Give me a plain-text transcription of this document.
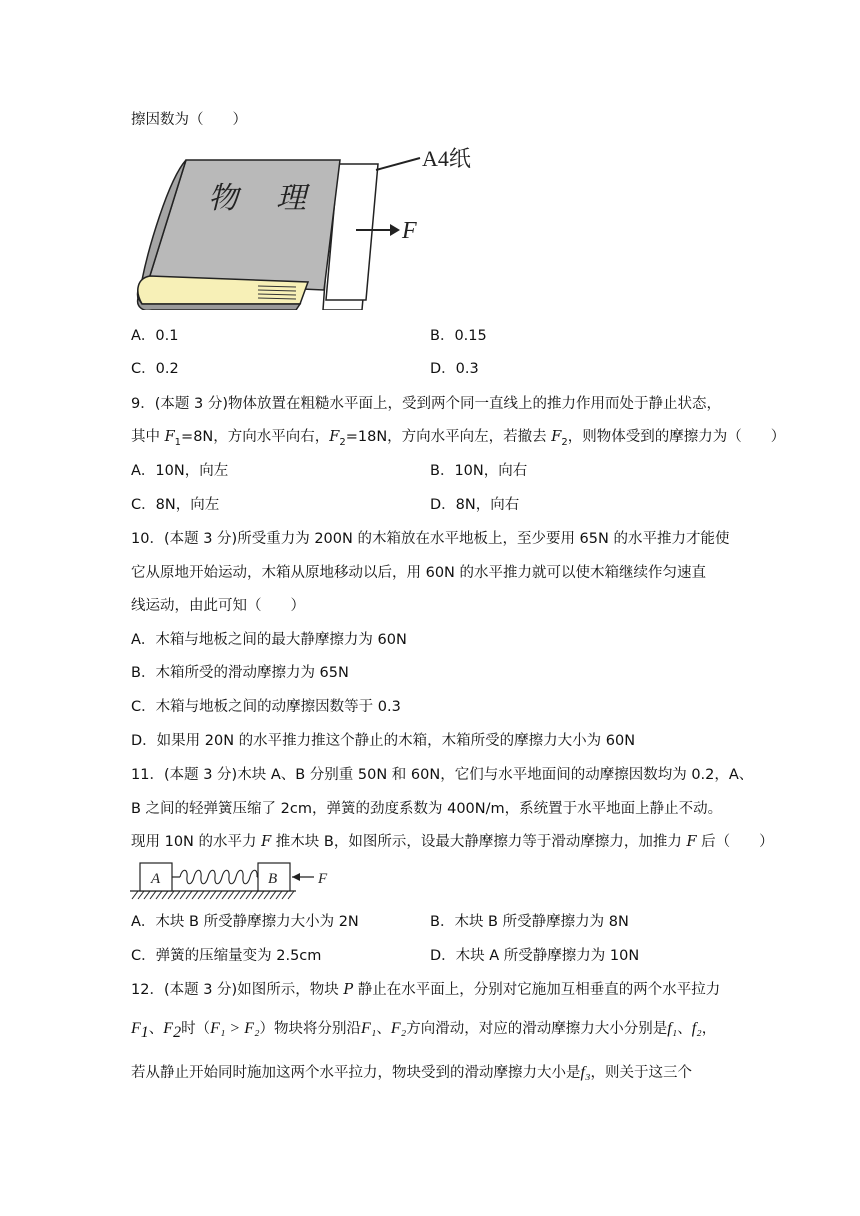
擦因数为（　　）
物 理
A4纸
F
A．0.1	B．0.15
C．0.2	D．0.3
9．(本题 3 分)物体放置在粗糙水平面上，受到两个同一直线上的推力作用而处于静止状态，
其中 $F_1=8N$，方向水平向右，$F_2=18N$，方向水平向左，若撤去 $F_2$，则物体受到的摩擦力为（　　）
A．10N，向左	B．10N，向右
C．8N，向左	D．8N，向右
10．(本题 3 分)所受重力为 200N 的木箱放在水平地板上，至少要用 65N 的水平推力才能使
它从原地开始运动，木箱从原地移动以后，用 60N 的水平推力就可以使木箱继续作匀速直
线运动，由此可知（　　）
A．木箱与地板之间的最大静摩擦力为 60N
B．木箱所受的滑动摩擦力为 65N
C．木箱与地板之间的动摩擦因数等于 0.3
D．如果用 20N 的水平推力推这个静止的木箱，木箱所受的摩擦力大小为 60N
11．(本题 3 分)木块 A、B 分别重 50N 和 60N，它们与水平地面间的动摩擦因数均为 0.2，A、
B 之间的轻弹簧压缩了 2cm，弹簧的劲度系数为 400N/m，系统置于水平地面上静止不动。
现用 10N 的水平力 F 推木块 B，如图所示，设最大静摩擦力等于滑动摩擦力，加推力 F 后（　　）
A	B	F
A．木块 B 所受静摩擦力大小为 2N	B．木块 B 所受静摩擦力为 8N
C．弹簧的压缩量变为 2.5cm	D．木块 A 所受静摩擦力为 10N
12．(本题 3 分)如图所示，物块 P 静止在水平面上，分别对它施加互相垂直的两个水平拉力
$F_1$、$F_2$时（F₁ > F₂）物块将分别沿F₁、F₂方向滑动，对应的滑动摩擦力大小分别是f₁、f₂，
若从静止开始同时施加这两个水平拉力，物块受到的滑动摩擦力大小是f₃，则关于这三个
